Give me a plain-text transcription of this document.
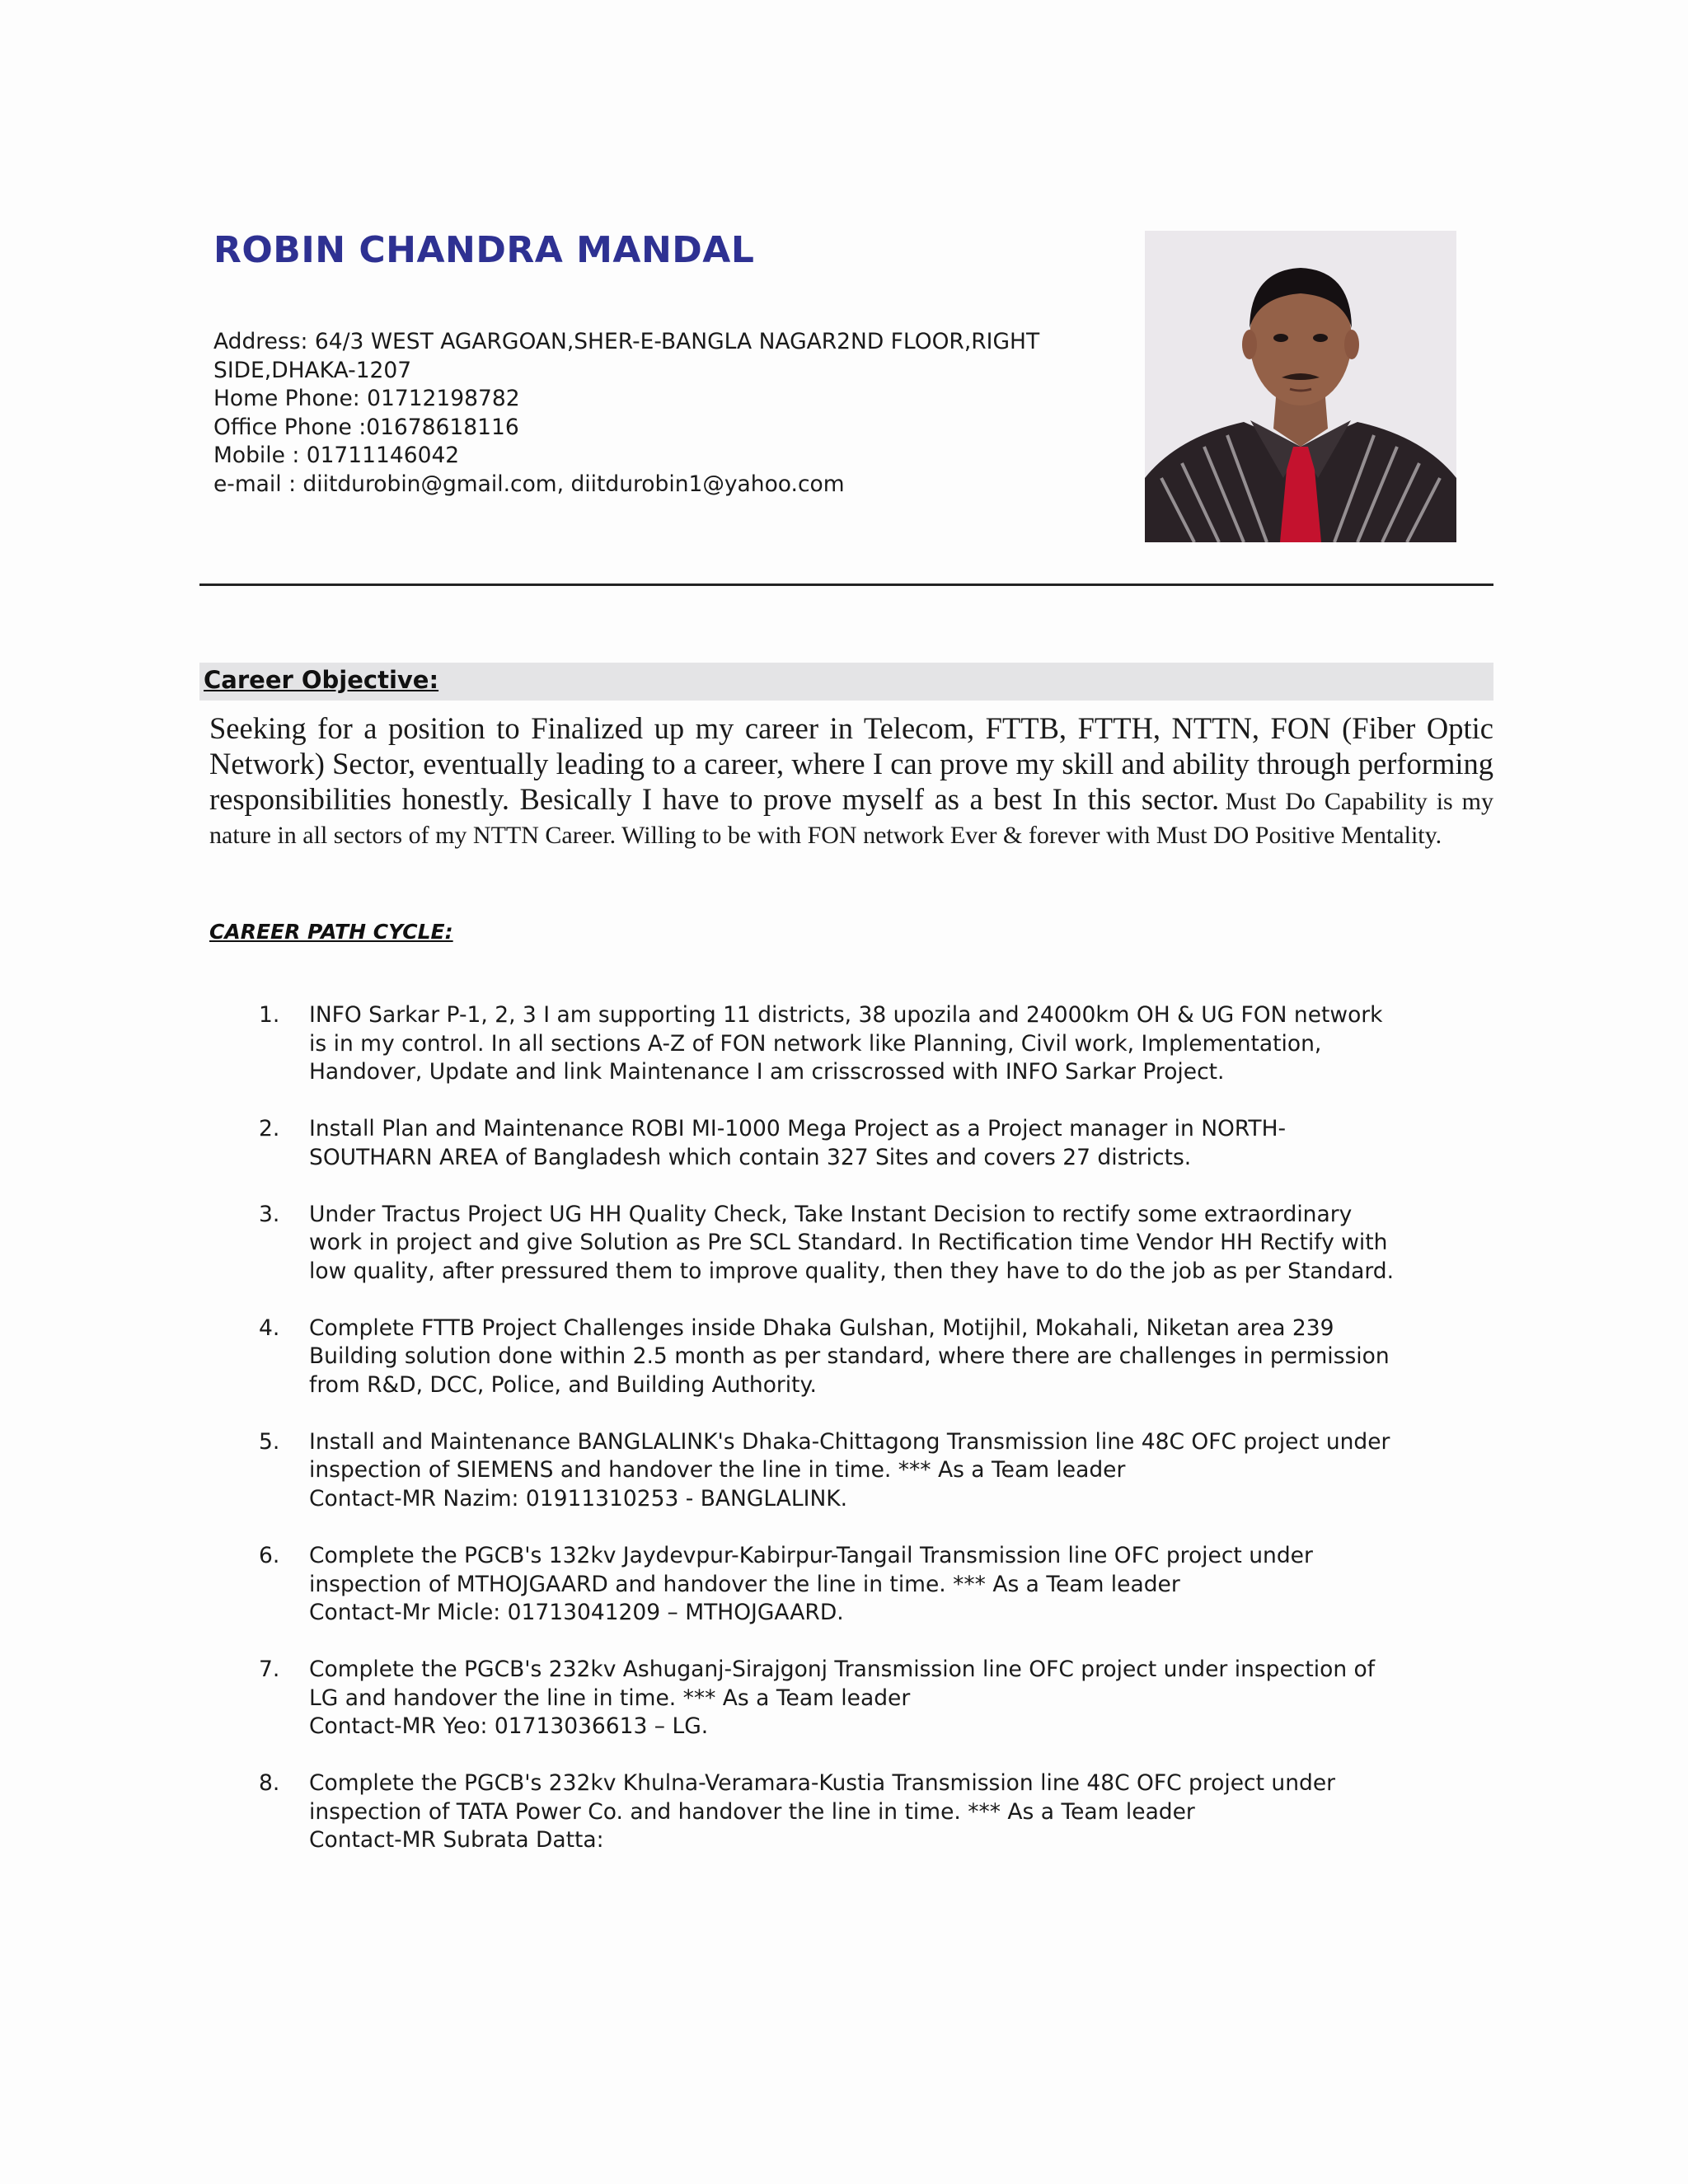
ROBIN CHANDRA MANDAL
Address: 64/3 WEST AGARGOAN,SHER-E-BANGLA NAGAR2ND FLOOR,RIGHT SIDE,DHAKA-1207
Home Phone: 01712198782
Office Phone :01678618116
Mobile : 01711146042
e-mail : diitdurobin@gmail.com, diitdurobin1@yahoo.com
Career Objective:
Seeking for a position to Finalized up my career in Telecom, FTTB, FTTH, NTTN, FON (Fiber Optic Network) Sector, eventually leading to a career, where I can prove my skill and ability through performing responsibilities honestly. Besically I have to prove myself as a best In this sector. Must Do Capability is my nature in all sectors of my NTTN Career. Willing to be with FON network Ever & forever with Must DO Positive Mentality.
CAREER PATH CYCLE:
1. INFO Sarkar P-1, 2, 3 I am supporting 11 districts, 38 upozila and 24000km OH & UG FON network
is in my control. In all sections A-Z of FON network like Planning, Civil work, Implementation,
Handover, Update and link Maintenance I am crisscrossed with INFO Sarkar Project.
2. Install Plan and Maintenance ROBI MI-1000 Mega Project as a Project manager in NORTH-
SOUTHARN AREA of Bangladesh which contain 327 Sites and covers 27 districts.
3. Under Tractus Project UG HH Quality Check, Take Instant Decision to rectify some extraordinary
work in project and give Solution as Pre SCL Standard. In Rectification time Vendor HH Rectify with
low quality, after pressured them to improve quality, then they have to do the job as per Standard.
4. Complete FTTB Project Challenges inside Dhaka Gulshan, Motijhil, Mokahali, Niketan area 239
Building solution done within 2.5 month as per standard, where there are challenges in permission
from R&D, DCC, Police, and Building Authority.
5. Install and Maintenance BANGLALINK's Dhaka-Chittagong Transmission line 48C OFC project under
inspection of SIEMENS and handover the line in time. *** As a Team leader
Contact-MR Nazim: 01911310253 - BANGLALINK.
6. Complete the PGCB's 132kv Jaydevpur-Kabirpur-Tangail Transmission line OFC project under
inspection of MTHOJGAARD and handover the line in time. *** As a Team leader
Contact-Mr Micle: 01713041209 – MTHOJGAARD.
7. Complete the PGCB's 232kv Ashuganj-Sirajgonj Transmission line OFC project under inspection of
LG and handover the line in time. *** As a Team leader
Contact-MR Yeo: 01713036613 – LG.
8. Complete the PGCB's 232kv Khulna-Veramara-Kustia Transmission line 48C OFC project under
inspection of TATA Power Co. and handover the line in time. *** As a Team leader
Contact-MR Subrata Datta:
